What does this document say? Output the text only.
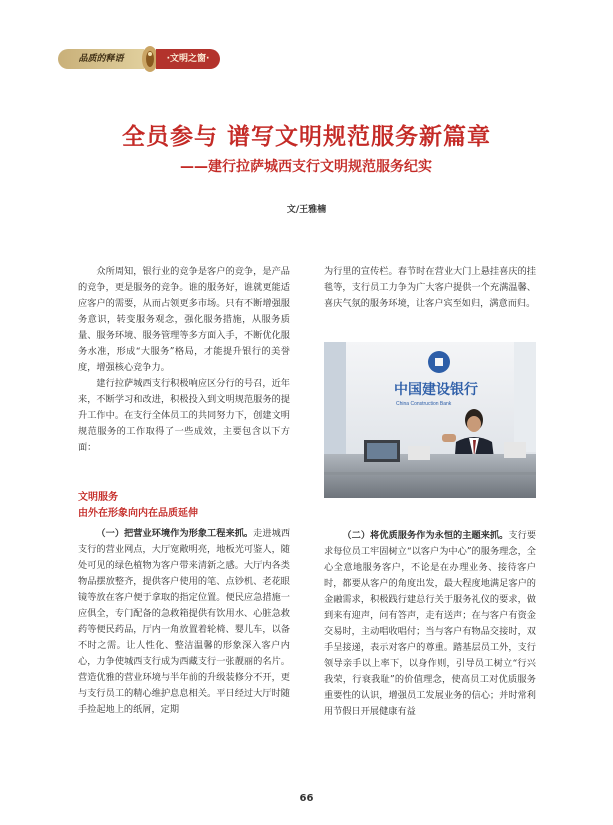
品质的释语	·文明之窗·
全员参与 谱写文明规范服务新篇章
——建行拉萨城西支行文明规范服务纪实
文/王雅楠

众所周知，银行业的竞争是客户的竞争，是产品的竞争，更是服务的竞争。谁的服务好，谁就更能适应客户的需要，从而占领更多市场。只有不断增强服务意识，转变服务观念，强化服务措施，从服务质量、服务环境、服务管理等多方面入手，不断优化服务水准，形成“大服务”格局，才能提升银行的美誉度，增强核心竞争力。

建行拉萨城西支行积极响应区分行的号召，近年来，不断学习和改进，积极投入到文明规范服务的提升工作中。在支行全体员工的共同努力下，创建文明规范服务的工作取得了一些成效，主要包含以下方面：

为行里的宣传栏。春节时在营业大门上悬挂喜庆的挂毯等，支行员工力争为广大客户提供一个充满温馨、喜庆气氛的服务环境，让客户宾至如归，满意而归。

中国建设银行
China Construction Bank
文明服务
由外在形象向内在品质延伸

（一）把营业环境作为形象工程来抓。走进城西支行的营业网点，大厅宽敞明亮，地板光可鉴人，随处可见的绿色植物为客户带来清新之感。大厅内各类物品摆放整齐，提供客户使用的笔、点钞机、老花眼镜等放在客户便于拿取的指定位置。便民应急措施一应俱全，专门配备的急救箱提供有饮用水、心脏急救药等便民药品，厅内一角放置着轮椅、婴儿车，以备不时之需。让人性化、整洁温馨的形象深入客户内心，力争使城西支行成为西藏支行一张靓丽的名片。营造优雅的营业环境与半年前的升级装修分不开，更与支行员工的精心维护息息相关。平日经过大厅时随手捡起地上的纸屑，定期

（二）将优质服务作为永恒的主题来抓。支行要求每位员工牢固树立“以客户为中心”的服务理念，全心全意地服务客户，不论是在办理业务、接待客户时，都要从客户的角度出发，最大程度地满足客户的金融需求，积极践行建总行关于服务礼仪的要求，做到来有迎声，问有答声，走有送声；在与客户有资金交易时，主动唱收唱付；当与客户有物品交接时，双手呈接递，表示对客户的尊重。踏基层员工外，支行领导亲手以上率下，以身作则，引导员工树立“行兴我荣，行衰我耻”的价值理念，使高员工对优质服务重要性的认识，增强员工发展业务的信心；并时常利用节假日开展健康有益

66
